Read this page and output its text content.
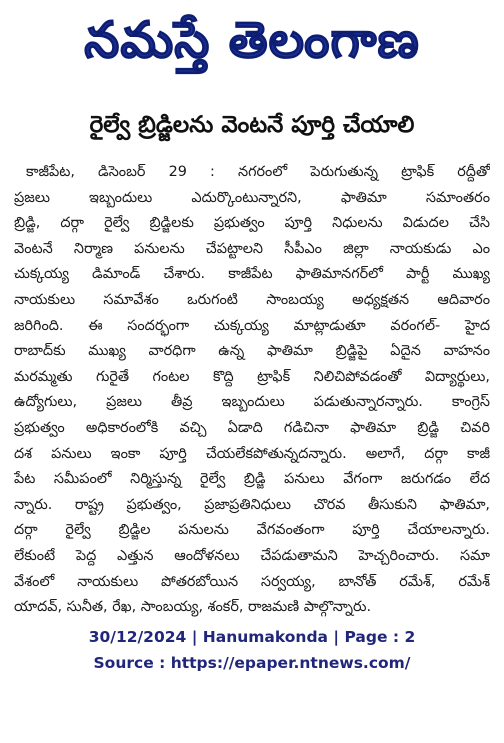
నమస్తే తెలంగాణ
రైల్వే బ్రిడ్జిలను వెంటనే పూర్తి చేయాలి
కాజీపేట, డిసెంబర్ 29 : నగరంలో పెరుగుతున్న ట్రాఫిక్ రద్దీతో
ప్రజలు ఇబ్బందులు ఎదుర్కొంటున్నారని, ఫాతిమా సమాంతరం
బ్రిడ్జి, దర్గా రైల్వే బ్రిడ్జిలకు ప్రభుత్వం పూర్తి నిధులను విడుదల చేసి
వెంటనే నిర్మాణ పనులను చేపట్టాలని సీపీఎం జిల్లా నాయకుడు ఎం
చుక్కయ్య డిమాండ్ చేశారు. కాజీపేట ఫాతిమానగర్‌లో పార్టీ ముఖ్య
నాయకులు సమావేశం ఒరుగంటి సాంబయ్య అధ్యక్షతన ఆదివారం
జరిగింది. ఈ సందర్భంగా చుక్కయ్య మాట్లాడుతూ వరంగల్- హైద
రాబాద్‌కు ముఖ్య వారధిగా ఉన్న ఫాతిమా బ్రిడ్జిపై ఏదైన వాహనం
మరమ్మతు గురైతే గంటల కొద్ది ట్రాఫిక్ నిలిచిపోవడంతో విద్యార్థులు,
ఉద్యోగులు, ప్రజలు తీవ్ర ఇబ్బందులు పడుతున్నారన్నారు. కాంగ్రెస్
ప్రభుత్వం అధికారంలోకి వచ్చి ఏడాది గడిచినా ఫాతిమా బ్రిడ్జి చివరి
దశ పనులు ఇంకా పూర్తి చేయలేకపోతున్నదన్నారు. అలాగే, దర్గా కాజీ
పేట సమీపంలో నిర్మిస్తున్న రైల్వే బ్రిడ్జి పనులు వేగంగా జరుగడం లేద
న్నారు. రాష్ట్ర ప్రభుత్వం, ప్రజాప్రతినిధులు చొరవ తీసుకుని ఫాతిమా,
దర్గా రైల్వే బ్రిడ్జిల పనులను వేగవంతంగా పూర్తి చేయాలన్నారు.
లేకుంటే పెద్ద ఎత్తున ఆందోళనలు చేపడుతామని హెచ్చరించారు. సమా
వేశంలో నాయకులు పోతరబోయిన సర్వయ్య, బానోత్ రమేశ్, రమేశ్
యాదవ్, సునీత, రేఖ, సాంబయ్య, శంకర్, రాజమణి పాల్గొన్నారు.
30/12/2024 | Hanumakonda | Page : 2
Source : https://epaper.ntnews.com/
